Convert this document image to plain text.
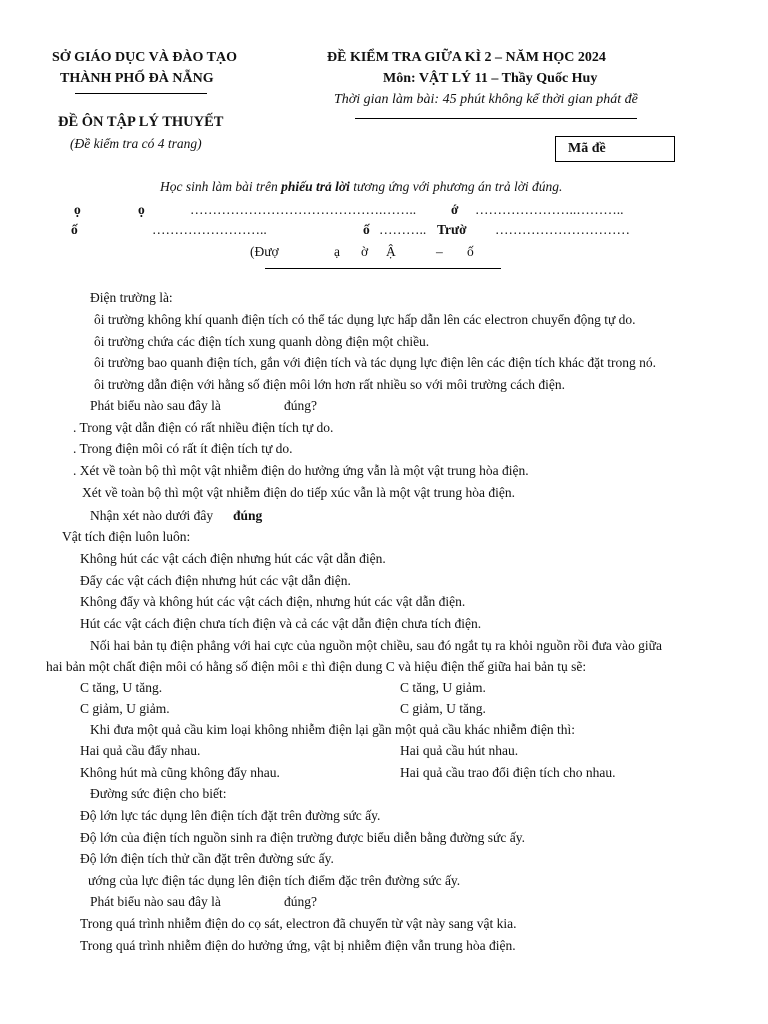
SỞ GIÁO DỤC VÀ ĐÀO TẠO
THÀNH PHỐ ĐÀ NẴNG
ĐỀ KIỂM TRA GIỮA KÌ 2 – NĂM HỌC 2024
Môn: VẬT LÝ 11 – Thầy Quốc Huy
Thời gian làm bài: 45 phút không kể thời gian phát đề
ĐỀ ÔN TẬP LÝ THUYẾT
(Đề kiểm tra có 4 trang)	Mã đề
Học sinh làm bài trên phiếu trả lời tương ứng với phương án trả lời đúng.
ọ	ọ	…………………………………….……..	ớ …………………..………..
ố	……………………..	ố ……….. Trườ …………………………
(Đượ	ạ ờ Ậ	– ố
Điện trường là:
ôi trường không khí quanh điện tích có thể tác dụng lực hấp dẫn lên các electron chuyển động tự do.
ôi trường chứa các điện tích xung quanh dòng điện một chiều.
ôi trường bao quanh điện tích, gắn với điện tích và tác dụng lực điện lên các điện tích khác đặt trong nó.
ôi trường dẫn điện với hằng số điện môi lớn hơn rất nhiều so với môi trường cách điện.
Phát biểu nào sau đây là	đúng?
. Trong vật dẫn điện có rất nhiều điện tích tự do.
. Trong điện môi có rất ít điện tích tự do.
. Xét về toàn bộ thì một vật nhiễm điện do hưởng ứng vẫn là một vật trung hòa điện.
Xét về toàn bộ thì một vật nhiễm điện do tiếp xúc vẫn là một vật trung hòa điện.
Nhận xét nào dưới đây đúng
Vật tích điện luôn luôn:
Không hút các vật cách điện nhưng hút các vật dẫn điện.
Đẩy các vật cách điện nhưng hút các vật dẫn điện.
Không đẩy và không hút các vật cách điện, nhưng hút các vật dẫn điện.
Hút các vật cách điện chưa tích điện và cả các vật dẫn điện chưa tích điện.
Nối hai bản tụ điện phẳng với hai cực của nguồn một chiều, sau đó ngắt tụ ra khỏi nguồn rồi đưa vào giữa
hai bản một chất điện môi có hằng số điện môi ε thì điện dung C và hiệu điện thế giữa hai bản tụ sẽ:
C tăng, U tăng.	C tăng, U giảm.
C giảm, U giảm.	C giảm, U tăng.
Khi đưa một quả cầu kim loại không nhiễm điện lại gần một quả cầu khác nhiễm điện thì:
Hai quả cầu đẩy nhau.	Hai quả cầu hút nhau.
Không hút mà cũng không đẩy nhau.	Hai quả cầu trao đổi điện tích cho nhau.
Đường sức điện cho biết:
Độ lớn lực tác dụng lên điện tích đặt trên đường sức ấy.
Độ lớn của điện tích nguồn sinh ra điện trường được biểu diễn bằng đường sức ấy.
Độ lớn điện tích thử cần đặt trên đường sức ấy.
ướng của lực điện tác dụng lên điện tích điểm đặc trên đường sức ấy.
Phát biểu nào sau đây là	đúng?
Trong quá trình nhiễm điện do cọ sát, electron đã chuyển từ vật này sang vật kia.
Trong quá trình nhiễm điện do hưởng ứng, vật bị nhiễm điện vẫn trung hòa điện.
